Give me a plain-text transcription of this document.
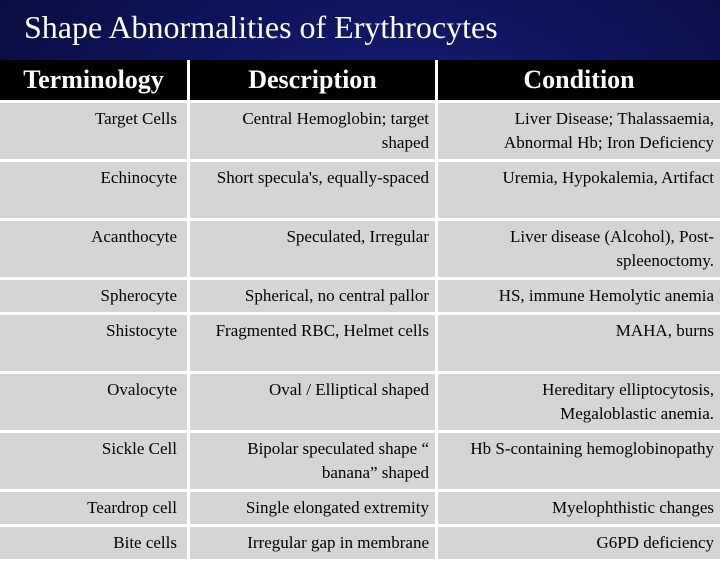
Shape Abnormalities of Erythrocytes
Terminology	Description	Condition
Target Cells	Central Hemoglobin; target shaped	Liver Disease; Thalassaemia, Abnormal Hb; Iron Deficiency
Echinocyte	Short specula's, equally-spaced	Uremia, Hypokalemia, Artifact
Acanthocyte	Speculated, Irregular	Liver disease (Alcohol), Post-spleenoctomy.
Spherocyte	Spherical, no central pallor	HS, immune Hemolytic anemia
Shistocyte	Fragmented RBC, Helmet cells	MAHA, burns
Ovalocyte	Oval / Elliptical shaped	Hereditary elliptocytosis, Megaloblastic anemia.
Sickle Cell	Bipolar speculated shape “ banana” shaped	Hb S-containing hemoglobinopathy
Teardrop cell	Single elongated extremity	Myelophthistic changes
Bite cells	Irregular gap in membrane	G6PD deficiency
